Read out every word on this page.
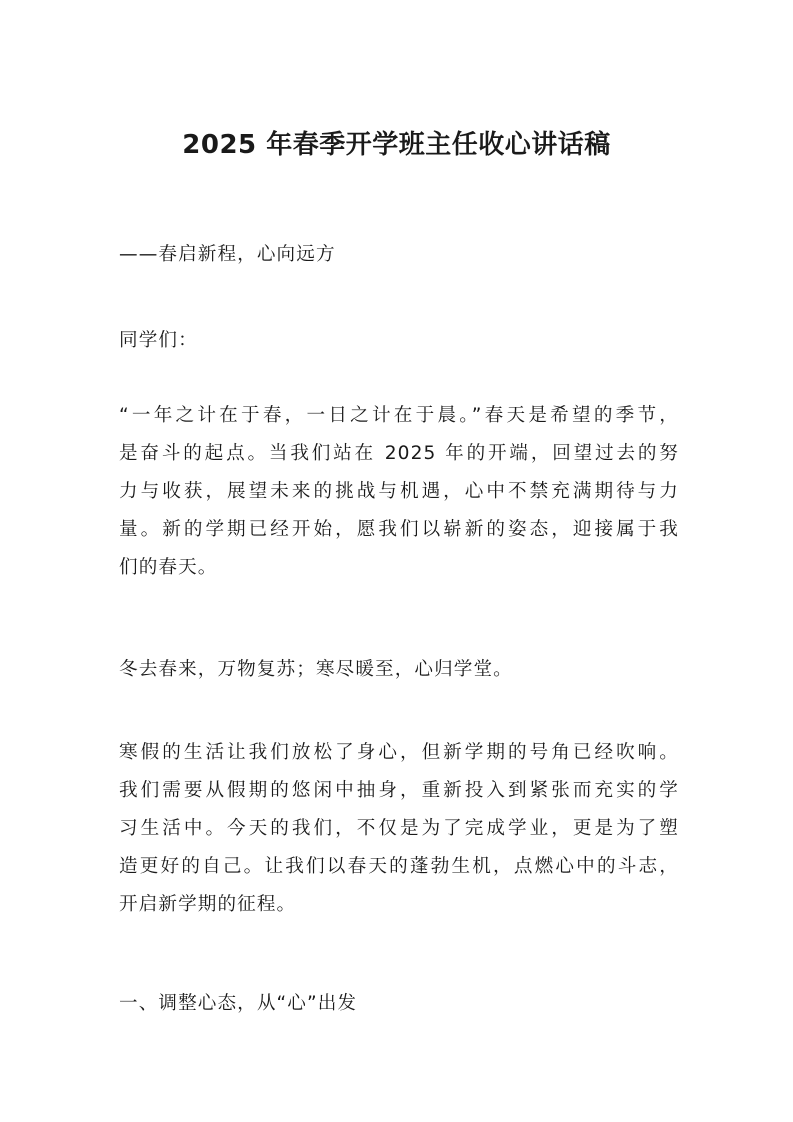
2025 年春季开学班主任收心讲话稿

——春启新程，心向远方

同学们：

“一年之计在于春，一日之计在于晨。”春天是希望的季节，
是奋斗的起点。当我们站在 2025 年的开端，回望过去的努
力与收获，展望未来的挑战与机遇，心中不禁充满期待与力
量。新的学期已经开始，愿我们以崭新的姿态，迎接属于我
们的春天。

冬去春来，万物复苏；寒尽暖至，心归学堂。

寒假的生活让我们放松了身心，但新学期的号角已经吹响。
我们需要从假期的悠闲中抽身，重新投入到紧张而充实的学
习生活中。今天的我们，不仅是为了完成学业，更是为了塑
造更好的自己。让我们以春天的蓬勃生机，点燃心中的斗志，
开启新学期的征程。

一、调整心态，从“心”出发
